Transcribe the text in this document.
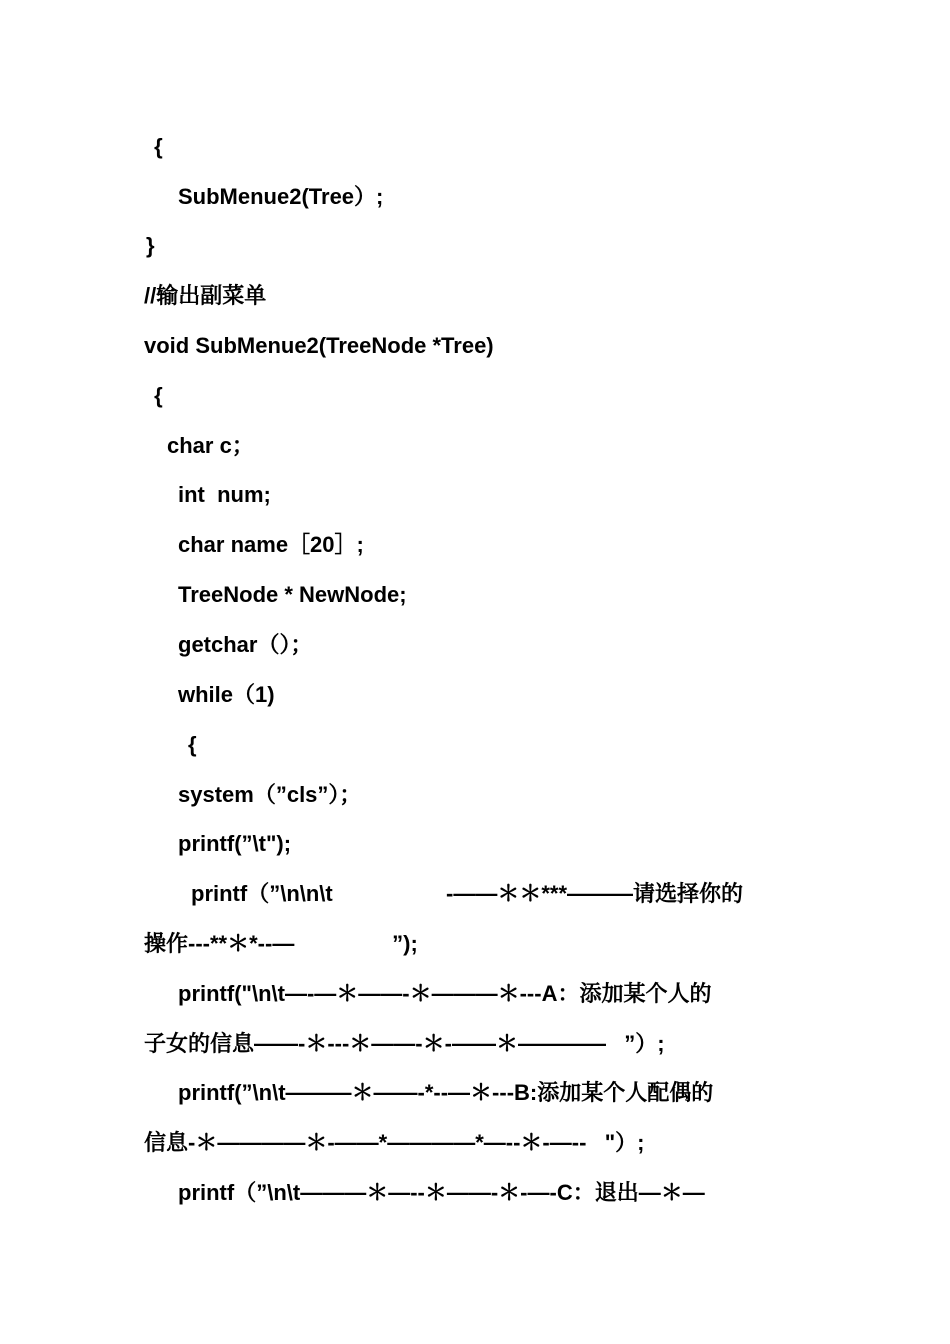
{
SubMenue2(Tree）;
}
//输出副菜单
void SubMenue2(TreeNode *Tree)
{
char c；
int  num;
char name［20］;
TreeNode * NewNode;
getchar（）；
while（1)
{
system（”cls”）；
printf(”\t");
printf（”\n\n\t	-——＊＊***———请选择你的
操作---**＊*--—                ”);
printf("\n\t—-—＊——-＊———＊---A：添加某个人的
子女的信息——-＊---＊——-＊-——＊————   ”）;
printf(”\n\t———＊——-*--—＊---B:添加某个人配偶的
信息-＊————＊-——*————*—--＊-—--   "）;
printf（”\n\t———＊—--＊——-＊-—-C：退出—＊—
